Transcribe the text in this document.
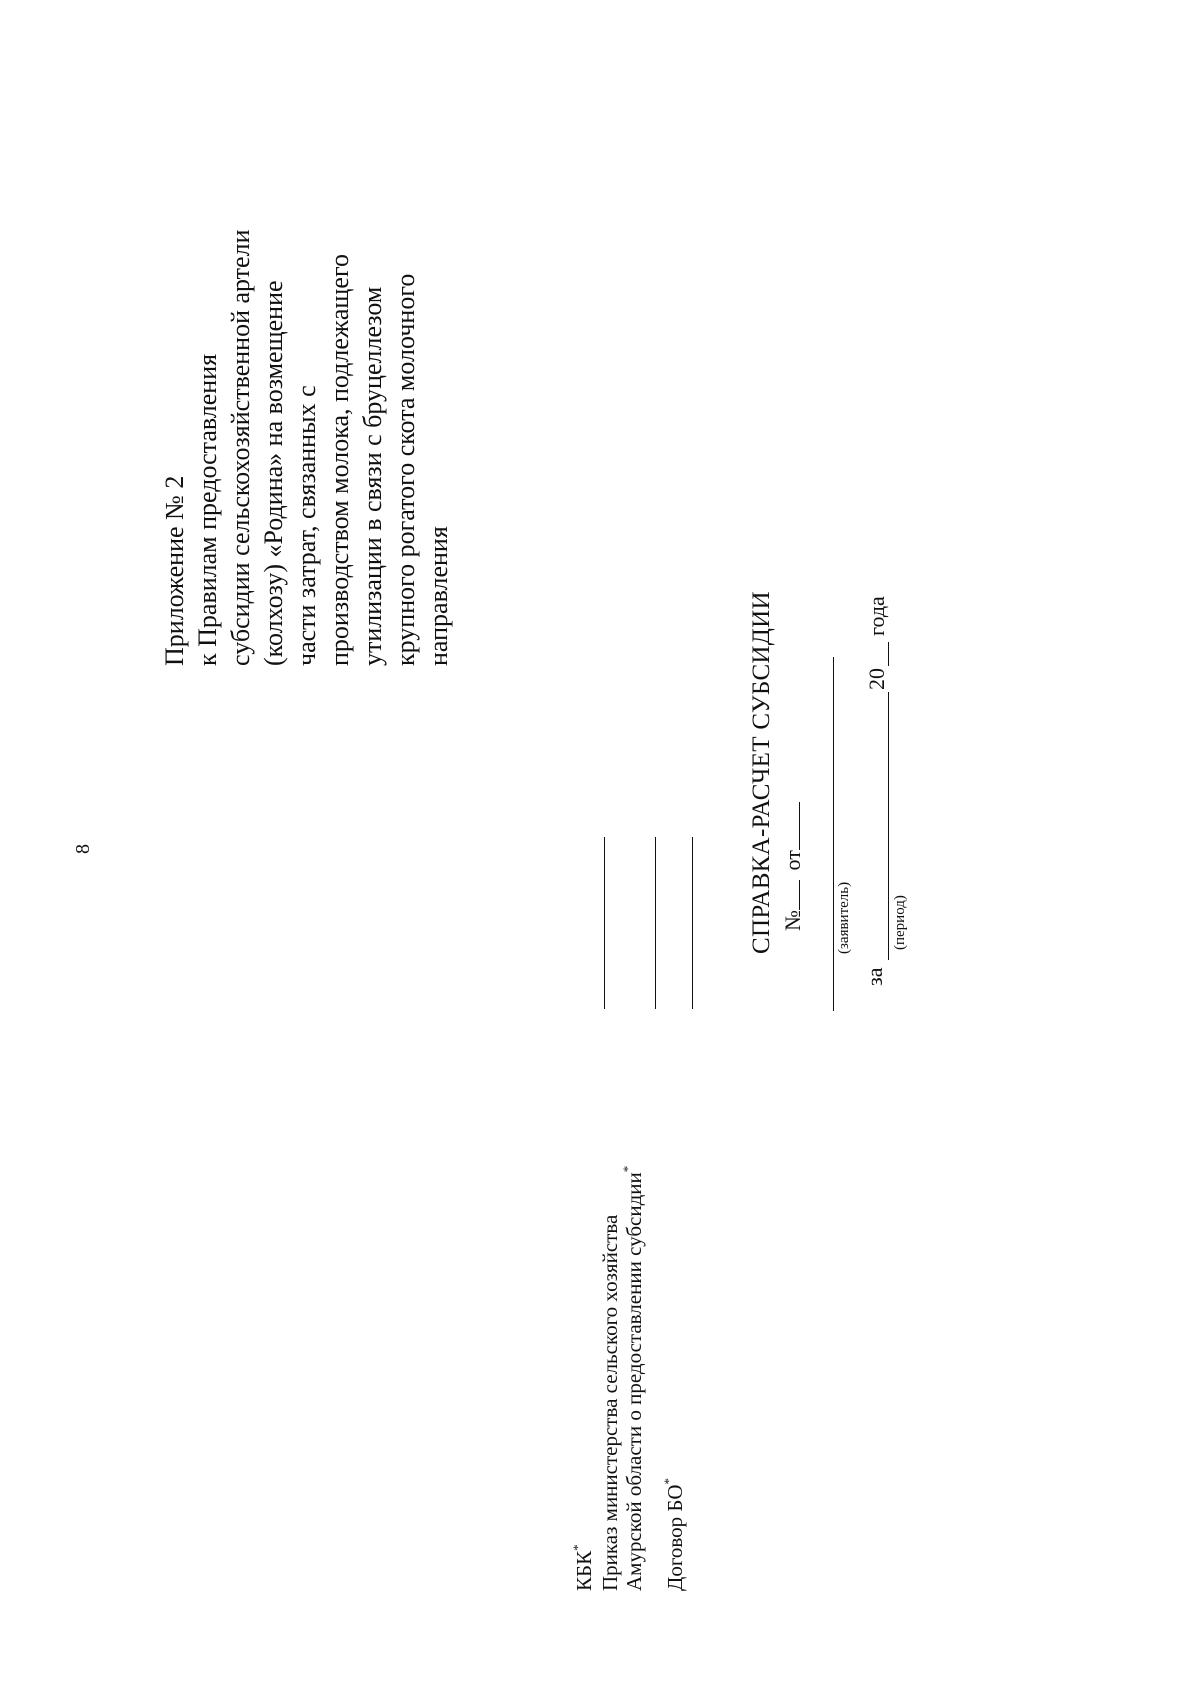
8
Приложение № 2 к Правилам предоставления субсидии сельскохозяйственной артели (колхозу) «Родина» на возмещение части затрат, связанных с производством молока, подлежащего утилизации в связи с бруцеллезом крупного рогатого скота молочного направления
КБК* Приказ министерства сельского хозяйства Амурской области о предоставлении субсидии*
Договор БО*
СПРАВКА-РАСЧЕТ СУБСИДИИ № от
(заявитель)
за
(период)
20
года
